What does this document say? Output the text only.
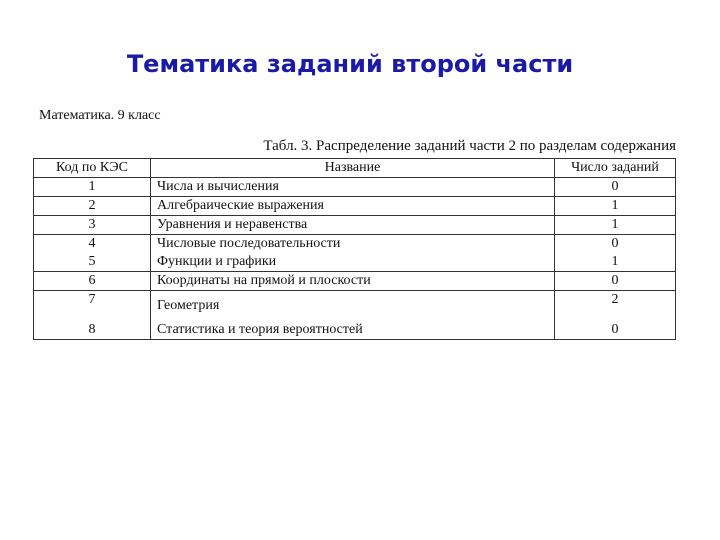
Тематика заданий второй части
Математика. 9 класс
Табл. 3. Распределение заданий части 2 по разделам содержания
Код по КЭС	Название	Число заданий
1	Числа и вычисления	0
2	Алгебраические выражения	1
3	Уравнения и неравенства	1
4	Числовые последовательности	0
5	Функции и графики	1
6	Координаты на прямой и плоскости	0
7	Геометрия	2
8	Статистика и теория вероятностей	0
